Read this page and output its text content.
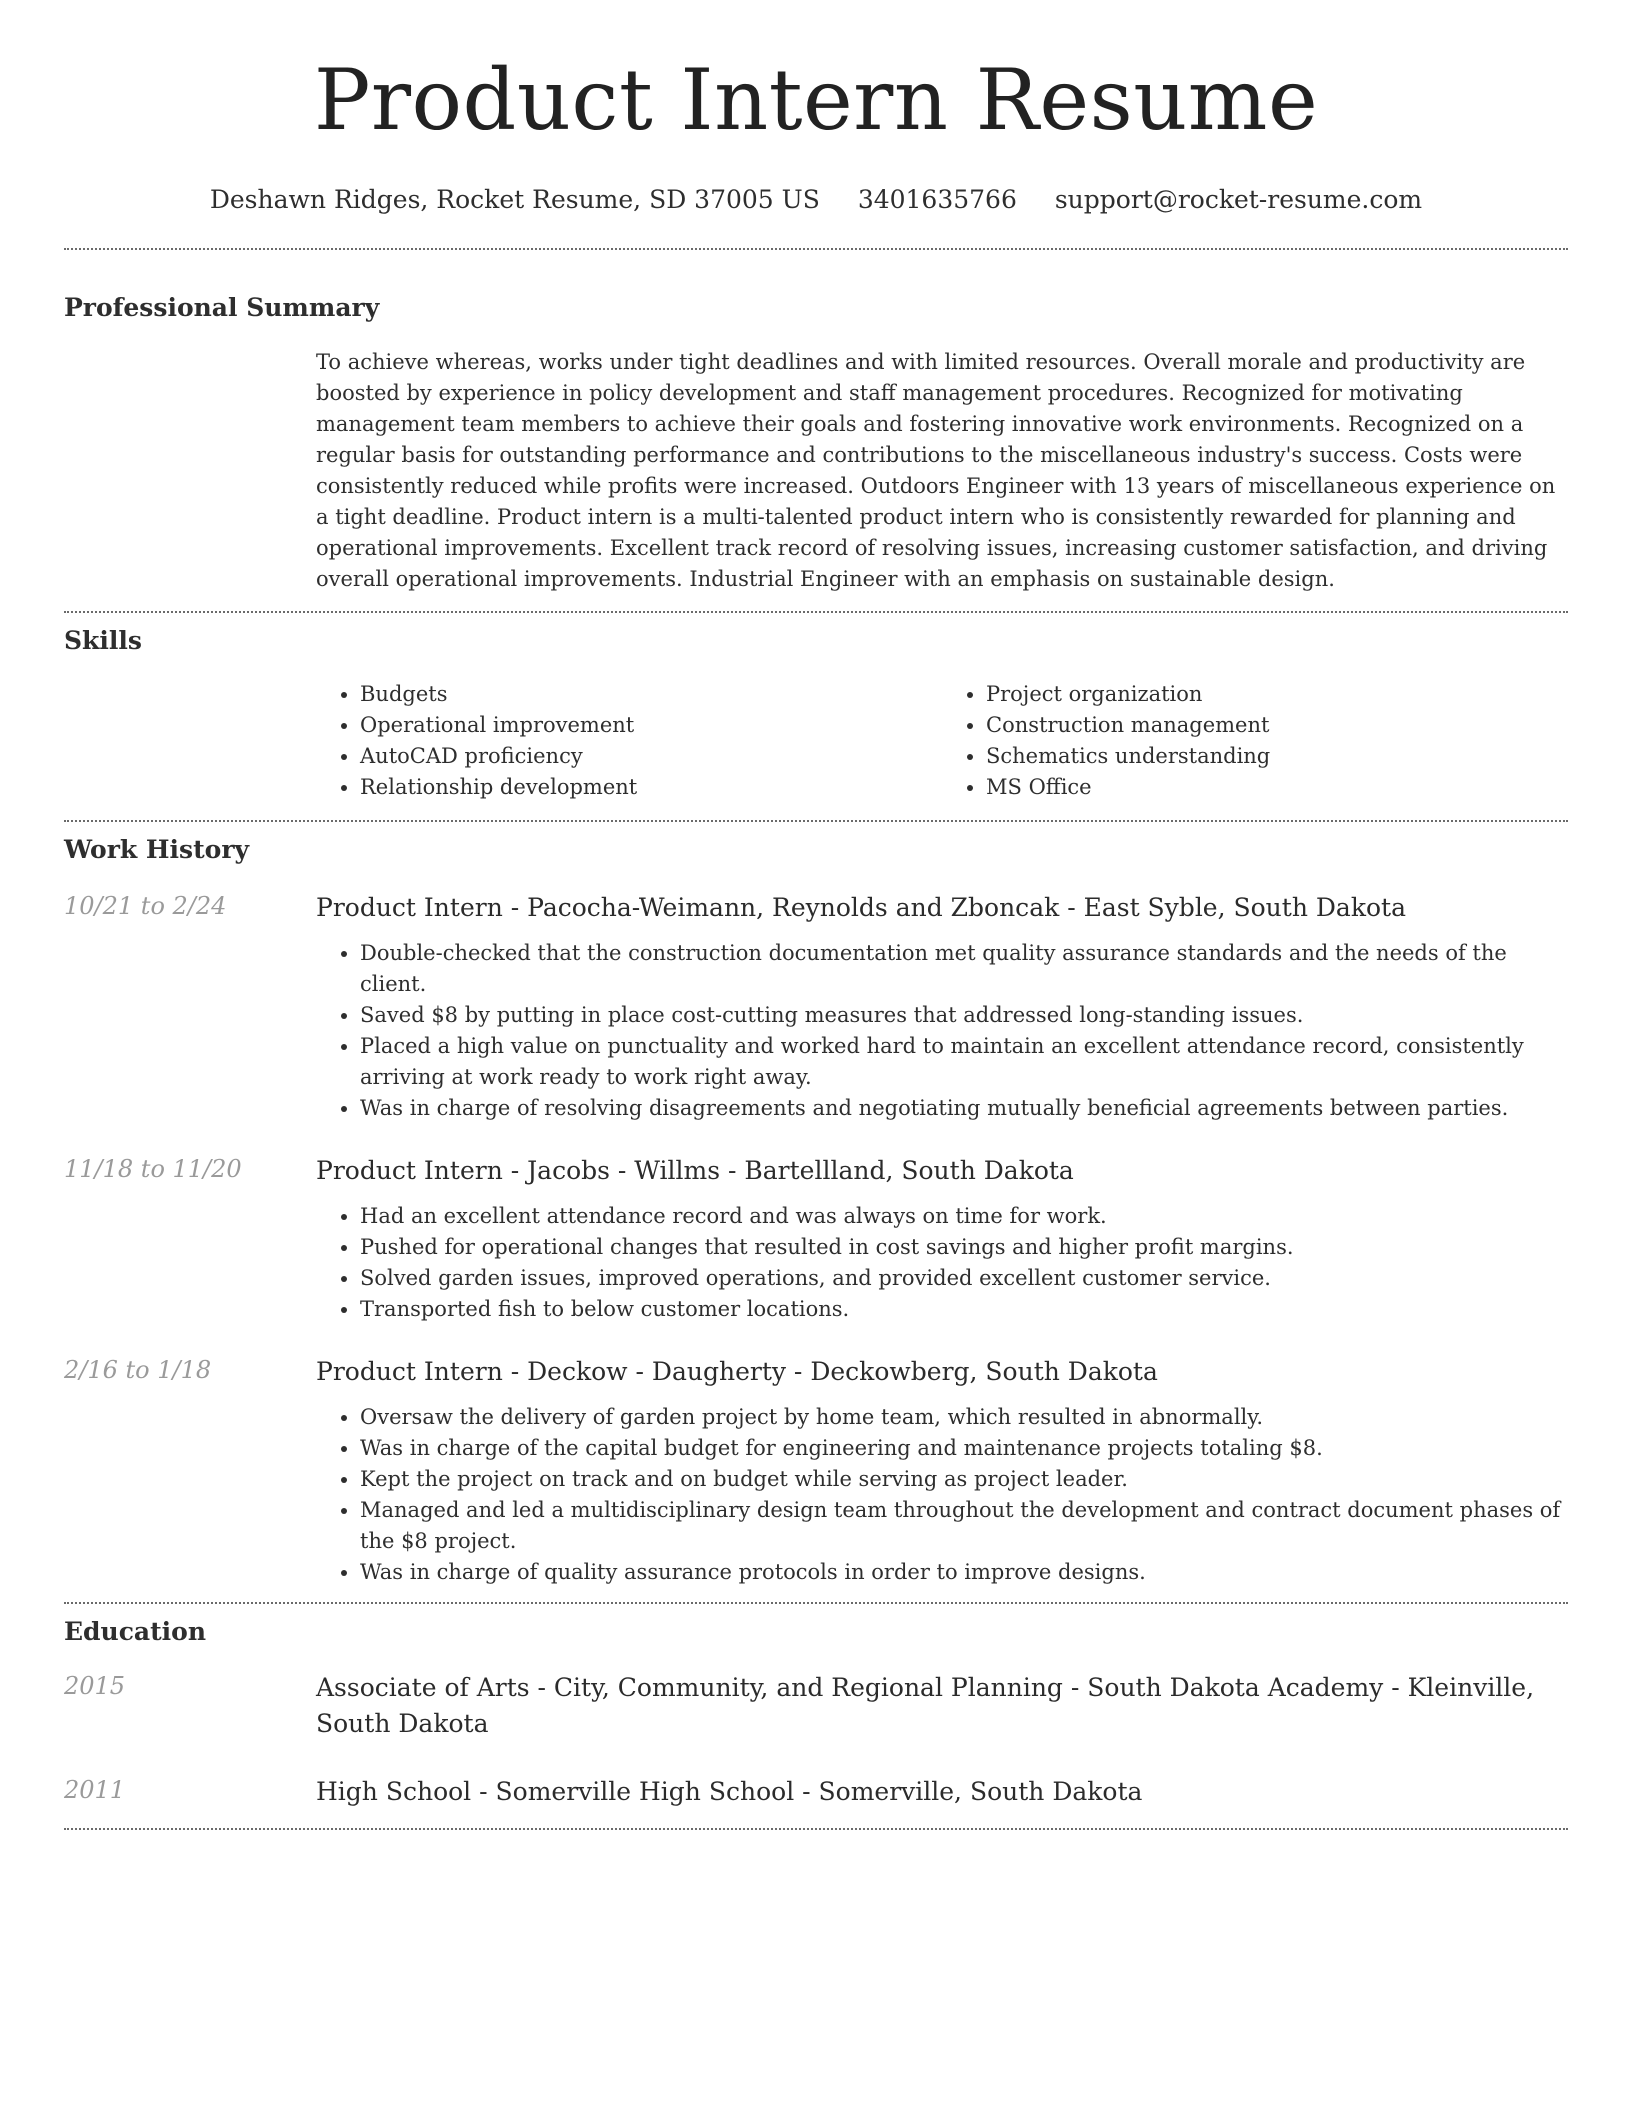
Product Intern Resume
Deshawn Ridges, Rocket Resume, SD 37005 US 3401635766 support@rocket-resume.com
Professional Summary

To achieve whereas, works under tight deadlines and with limited resources. Overall morale and productivity are boosted by experience in policy development and staff management procedures. Recognized for motivating management team members to achieve their goals and fostering innovative work environments. Recognized on a regular basis for outstanding performance and contributions to the miscellaneous industry's success. Costs were consistently reduced while profits were increased. Outdoors Engineer with 13 years of miscellaneous experience on a tight deadline. Product intern is a multi-talented product intern who is consistently rewarded for planning and operational improvements. Excellent track record of resolving issues, increasing customer satisfaction, and driving overall operational improvements. Industrial Engineer with an emphasis on sustainable design.

Skills
• Budgets
• Operational improvement
• AutoCAD proficiency
• Relationship development
• Project organization
• Construction management
• Schematics understanding
• MS Office
Work History
10/21 to 2/24	Product Intern - Pacocha-Weimann, Reynolds and Zboncak - East Syble, South Dakota
• Double-checked that the construction documentation met quality assurance standards and the needs of the client.
• Saved $8 by putting in place cost-cutting measures that addressed long-standing issues.
• Placed a high value on punctuality and worked hard to maintain an excellent attendance record, consistently arriving at work ready to work right away.
• Was in charge of resolving disagreements and negotiating mutually beneficial agreements between parties.
11/18 to 11/20	Product Intern - Jacobs - Willms - Bartellland, South Dakota
• Had an excellent attendance record and was always on time for work.
• Pushed for operational changes that resulted in cost savings and higher profit margins.
• Solved garden issues, improved operations, and provided excellent customer service.
• Transported fish to below customer locations.
2/16 to 1/18	Product Intern - Deckow - Daugherty - Deckowberg, South Dakota
• Oversaw the delivery of garden project by home team, which resulted in abnormally.
• Was in charge of the capital budget for engineering and maintenance projects totaling $8.
• Kept the project on track and on budget while serving as project leader.
• Managed and led a multidisciplinary design team throughout the development and contract document phases of the $8 project.
• Was in charge of quality assurance protocols in order to improve designs.
Education
2015	Associate of Arts - City, Community, and Regional Planning - South Dakota Academy - Kleinville, South Dakota
2011	High School - Somerville High School - Somerville, South Dakota
